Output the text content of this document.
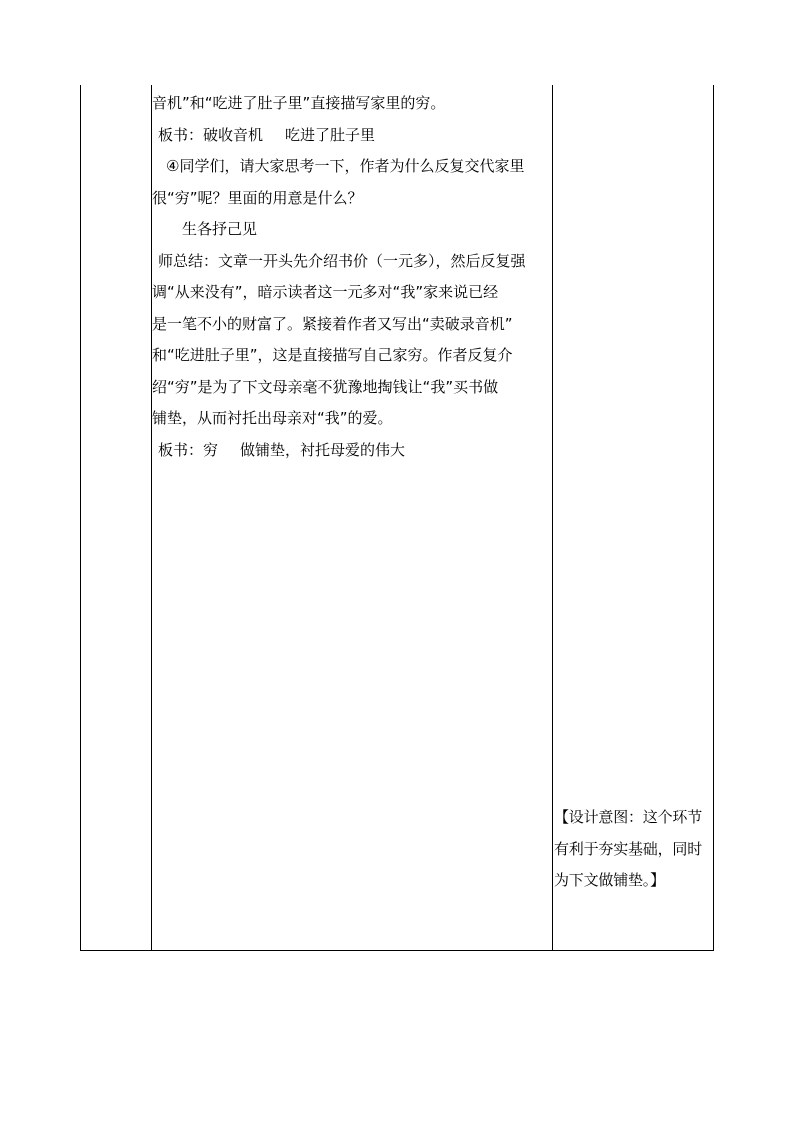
音机”和“吃进了肚子里”直接描写家里的穷。

板书：破收音机 吃进了肚子里

④同学们，请大家思考一下，作者为什么反复交代家里

很“穷”呢？里面的用意是什么？

生各抒己见

师总结：文章一开头先介绍书价（一元多），然后反复强

调“从来没有”，暗示读者这一元多对“我”家来说已经

是一笔不小的财富了。紧接着作者又写出“卖破录音机”

和“吃进肚子里”，这是直接描写自己家穷。作者反复介

绍“穷”是为了下文母亲毫不犹豫地掏钱让“我”买书做

铺垫，从而衬托出母亲对“我”的爱。

板书：穷 做铺垫，衬托母爱的伟大

【设计意图：这个环节

有利于夯实基础，同时

为下文做铺垫。】
